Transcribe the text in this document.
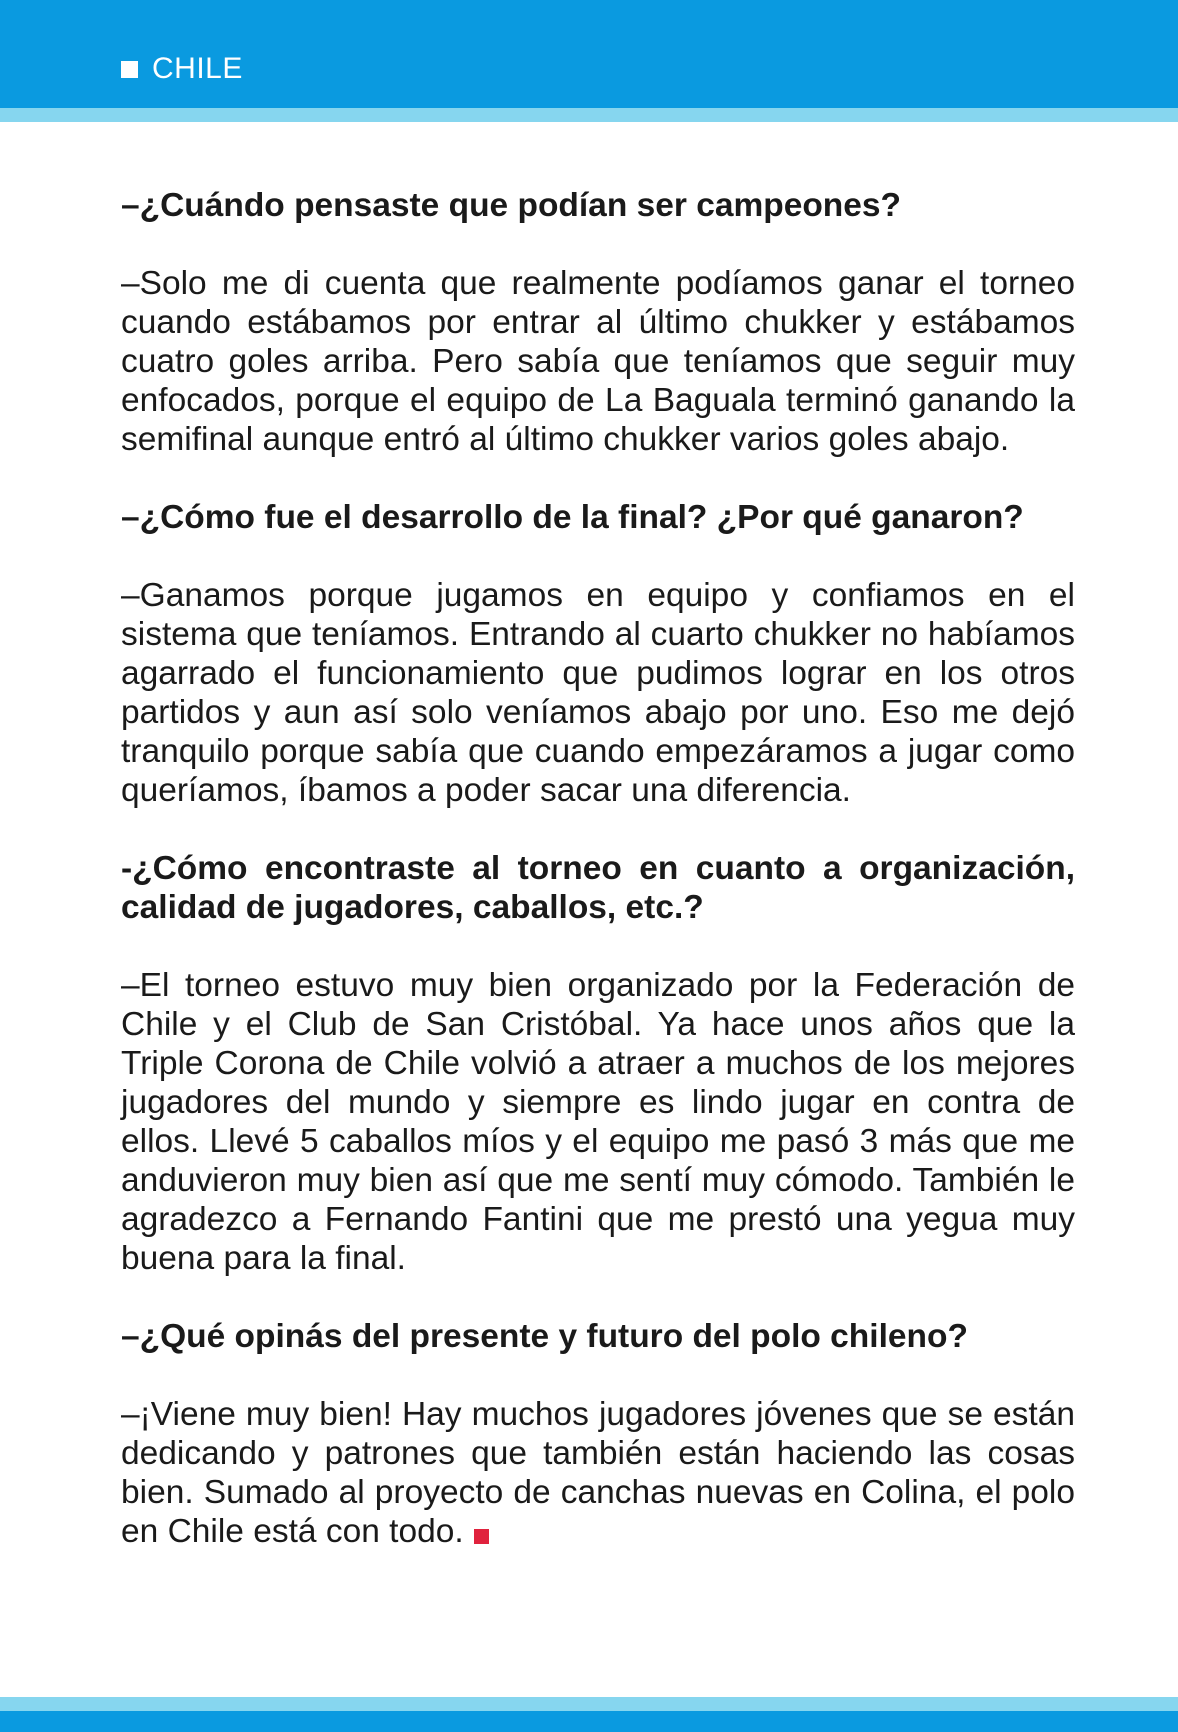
CHILE

–¿Cuándo pensaste que podían ser campeones?

–Solo me di cuenta que realmente podíamos ganar el torneo cuando estábamos por entrar al último chukker y estábamos cuatro goles arriba. Pero sabía que teníamos que seguir muy enfocados, porque el equipo de La Baguala terminó ganando la semifinal aunque entró al último chukker varios goles abajo.

–¿Cómo fue el desarrollo de la final? ¿Por qué ganaron?

–Ganamos porque jugamos en equipo y confiamos en el sistema que teníamos. Entrando al cuarto chukker no habíamos agarrado el funcionamiento que pudimos lograr en los otros partidos y aun así solo veníamos abajo por uno. Eso me dejó tranquilo porque sabía que cuando empezáramos a jugar como queríamos, íbamos a poder sacar una diferencia.

-¿Cómo encontraste al torneo en cuanto a organización, calidad de jugadores, caballos, etc.?

–El torneo estuvo muy bien organizado por la Federación de Chile y el Club de San Cristóbal. Ya hace unos años que la Triple Corona de Chile volvió a atraer a muchos de los mejores jugadores del mundo y siempre es lindo jugar en contra de ellos. Llevé 5 caballos míos y el equipo me pasó 3 más que me anduvieron muy bien así que me sentí muy cómodo. También le agradezco a Fernando Fantini que me prestó una yegua muy buena para la final.

–¿Qué opinás del presente y futuro del polo chileno?

–¡Viene muy bien! Hay muchos jugadores jóvenes que se están dedicando y patrones que también están haciendo las cosas bien. Sumado al proyecto de canchas nuevas en Colina, el polo en Chile está con todo.
